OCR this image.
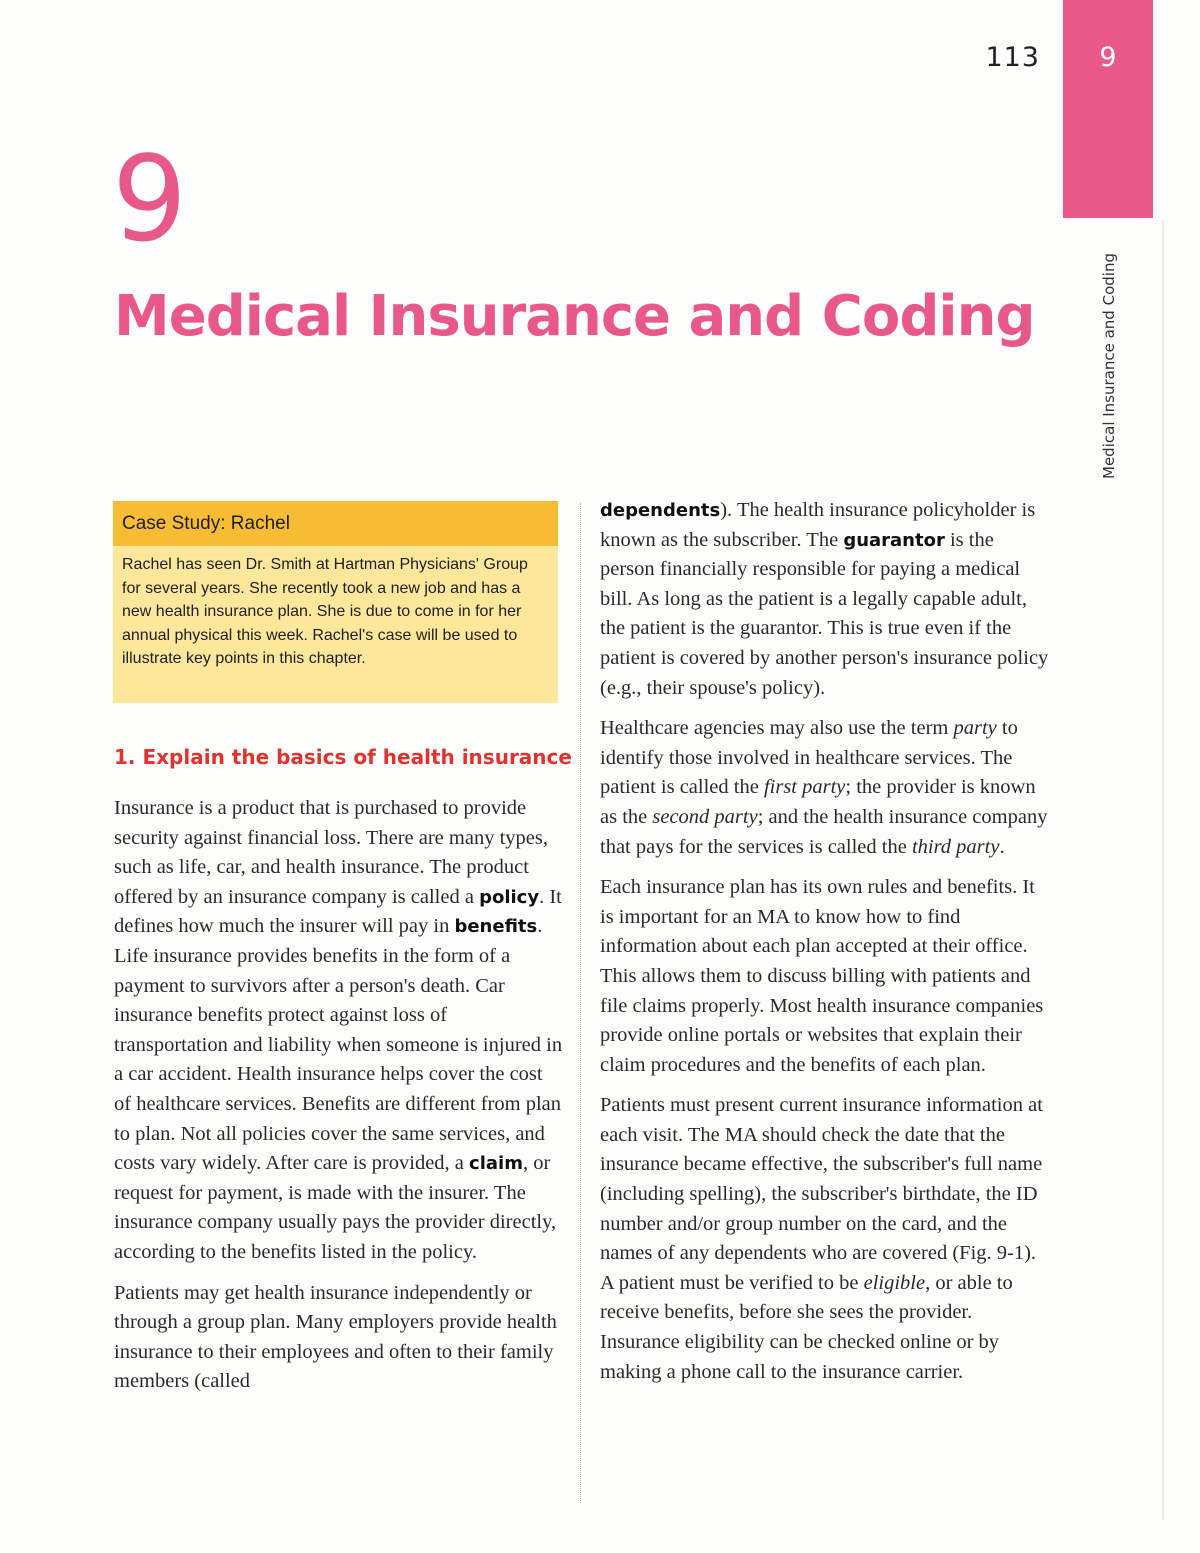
113	9
Medical Insurance and Coding
9
Medical Insurance and Coding
Case Study: Rachel
Rachel has seen Dr. Smith at Hartman Physicians' Group for several years. She recently took a new job and has a new health insurance plan. She is due to come in for her annual physical this week. Rachel's case will be used to illustrate key points in this chapter.
1. Explain the basics of health insurance

Insurance is a product that is purchased to provide security against financial loss. There are many types, such as life, car, and health insurance. The product offered by an insurance company is called a policy. It defines how much the insurer will pay in benefits. Life insurance provides benefits in the form of a payment to survivors after a person's death. Car insurance benefits protect against loss of transportation and liability when someone is injured in a car accident. Health insurance helps cover the cost of healthcare services. Benefits are different from plan to plan. Not all policies cover the same services, and costs vary widely. After care is provided, a claim, or request for payment, is made with the insurer. The insurance company usually pays the provider directly, according to the benefits listed in the policy.

Patients may get health insurance independently or through a group plan. Many employers provide health insurance to their employees and often to their family members (called

dependents). The health insurance policyholder is known as the subscriber. The guarantor is the person financially responsible for paying a medical bill. As long as the patient is a legally capable adult, the patient is the guarantor. This is true even if the patient is covered by another person's insurance policy (e.g., their spouse's policy).

Healthcare agencies may also use the term party to identify those involved in healthcare services. The patient is called the first party; the provider is known as the second party; and the health insurance company that pays for the services is called the third party.

Each insurance plan has its own rules and benefits. It is important for an MA to know how to find information about each plan accepted at their office. This allows them to discuss billing with patients and file claims properly. Most health insurance companies provide online portals or websites that explain their claim procedures and the benefits of each plan.

Patients must present current insurance information at each visit. The MA should check the date that the insurance became effective, the subscriber's full name (including spelling), the subscriber's birthdate, the ID number and/or group number on the card, and the names of any dependents who are covered (Fig. 9-1). A patient must be verified to be eligible, or able to receive benefits, before she sees the provider. Insurance eligibility can be checked online or by making a phone call to the insurance carrier.
